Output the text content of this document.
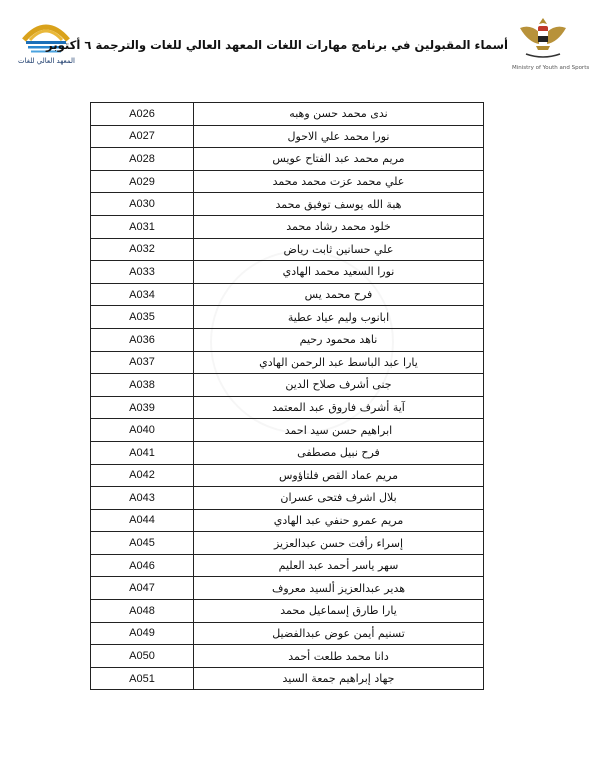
المعهد العالي للغات
أسماء المقبولين في برنامج مهارات اللغات المعهد العالي للغات والترجمة ٦ أكتوبر
Ministry of Youth and Sports
A026	ندى محمد حسن وهبه
A027	نورا محمد علي الاحول
A028	مريم محمد عبد الفتاح عويس
A029	علي محمد عزت محمد محمد
A030	هبة الله يوسف توفيق محمد
A031	خلود محمد رشاد محمد
A032	علي حسانين ثابت رياض
A033	نورا السعيد محمد الهادي
A034	فرح محمد يس
A035	ابانوب وليم عياد عطية
A036	ناهد محمود رحيم
A037	يارا عبد الباسط عبد الرحمن الهادي
A038	جنى أشرف صلاح الدين
A039	آية أشرف فاروق عبد المعتمد
A040	ابراهيم حسن سيد احمد
A041	فرح نبيل مصطفى
A042	مريم عماد القص فلتاؤوس
A043	بلال اشرف فتحى عسران
A044	مريم عمرو حنفي عبد الهادي
A045	إسراء رأفت حسن عبدالعزيز
A046	سهر ياسر أحمد عبد العليم
A047	هدير عبدالعزيز ألسيد معروف
A048	يارا طارق إسماعيل محمد
A049	تسنيم أيمن عوض عبدالفضيل
A050	دانا محمد طلعت أحمد
A051	جهاد إبراهيم جمعة السيد
